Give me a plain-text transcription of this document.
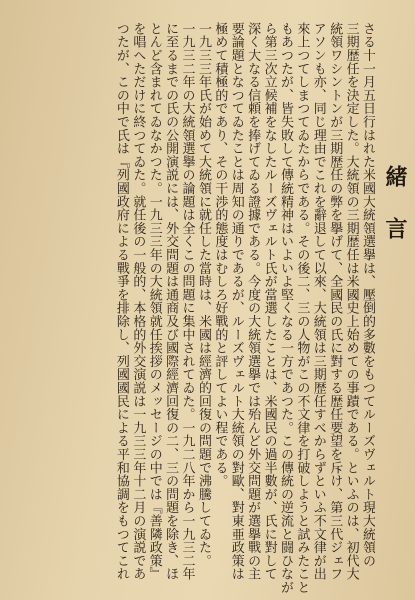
緒言
さる十一月五日行はれた米國大統領選擧は、壓倒的多數をもつてルーズヴェルト現大統領の
三期歴任を決定した。大統領の三期歴任は米國史上始めての事蹟である。といふのは、初代大
統領ワシントンが三期歴任の弊を擧げて、全國民の氏に對する歴任要望を斥け、第三代ジェフ
アソンも亦、同じ理由でこれを辭退して以來、大統領は三期歴任すべからずといふ不文律が出
來上つてしまつてゐたからである。その後二、三の人物がこの不文律を打破しようと試みたこと
もあつたが、皆失敗して傳統精神はいよいよ堅くなる一方であつた。この傳統の逆流と闘ひなが
ら第三次立候補をなしたルーズヴェルト氏が當選したことは、米國民の過半數が、氏に對して
深く大なる信頼を捧げてゐる證據である。今度の大統領選擧では殆んど外交問題が選擧戰の主
要論題となつてゐたことは周知の通りであるが、ルーズヴェルト大統領の對歐、對東亜政策は
極めて積極的であり、その干渉的態度はむしろ好戰的と評してよい程である。
一九三三年氏が始めて大統領に就任した當時は、米國は經濟的回復の問題で沸騰してゐた。
一九三二年の大統領選擧の論題は全くこの問題に集中されてゐた。一九二八年から一九三二年
に至るまでの氏の公開演説には、外交問題は通商及び國際經濟回復の二、三の問題を除き、ほ
とんど含まれてゐなかつた。一九三三年の大統領就任挨拶のメッセージの中では『善隣政策』
を唱へただけに終つてゐた。就任後の一般的、本格的外交演説は一九三三年十二月の演説であ
つたが、この中で氏は『列國政府による戰爭を排除し、列國國民による平和協調をもつてこれ
